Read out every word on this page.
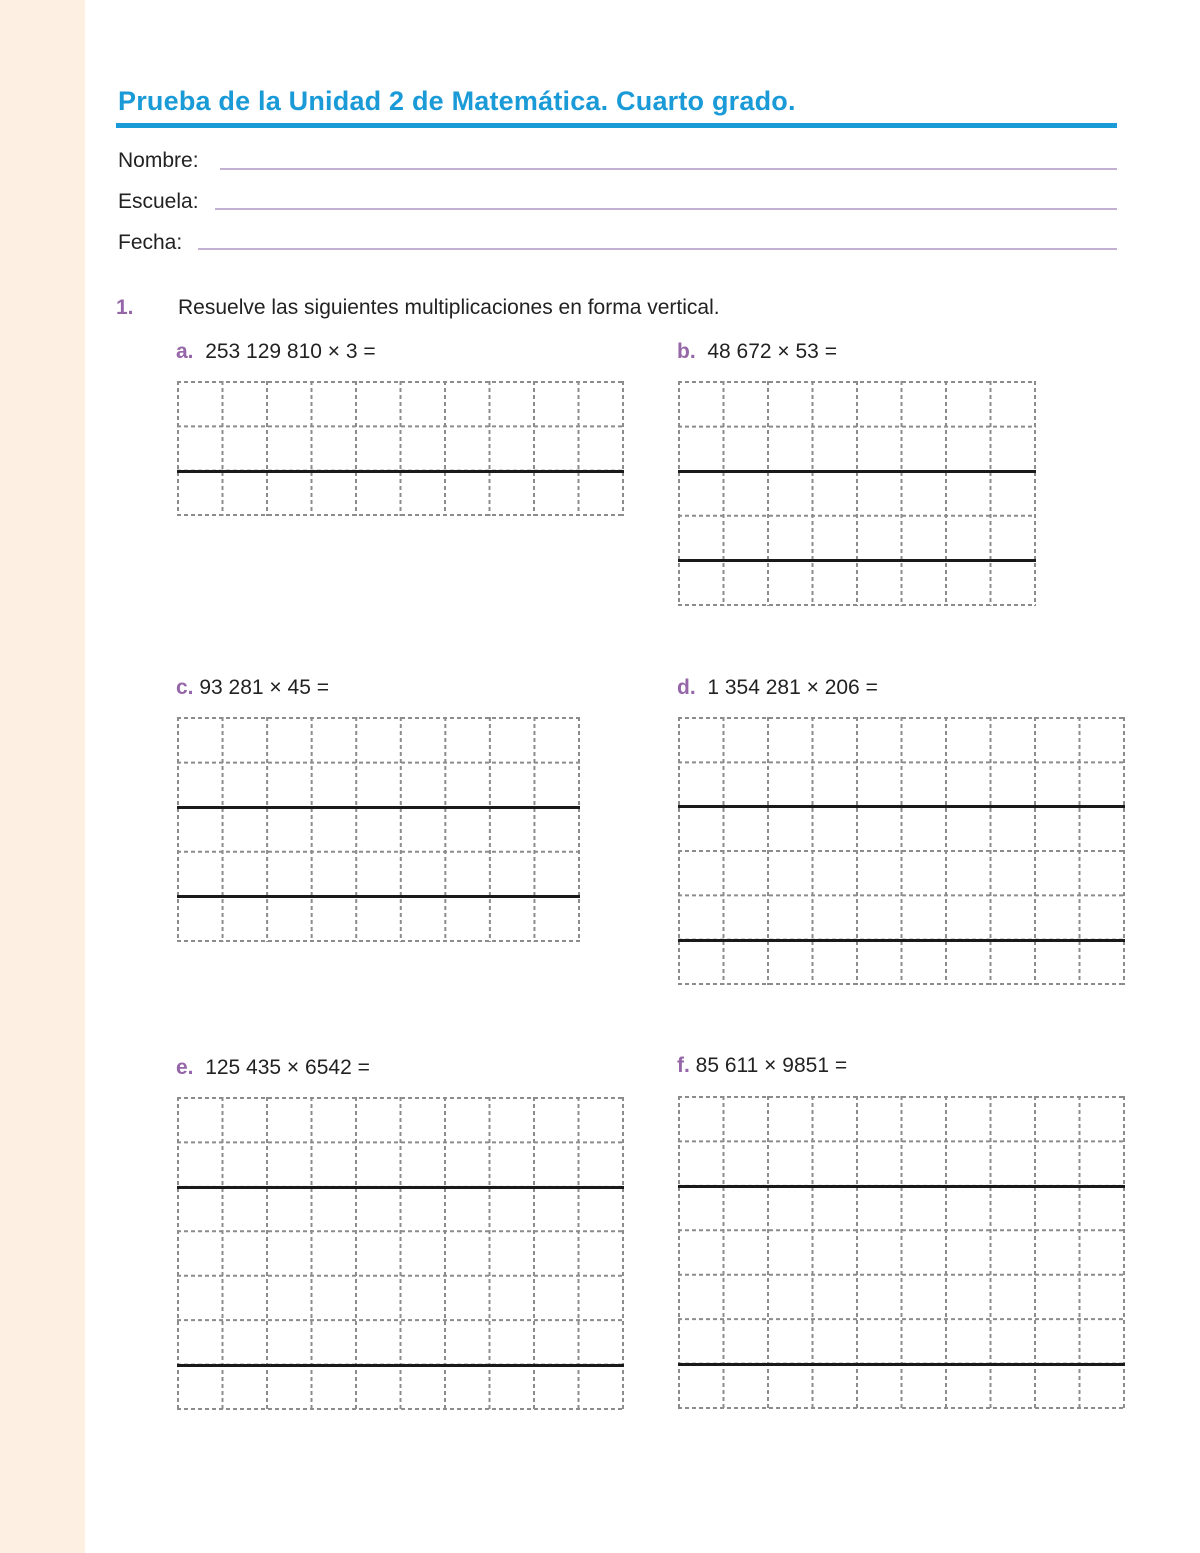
Prueba de la Unidad 2 de Matemática. Cuarto grado.
Nombre:
Escuela:
Fecha:
1. Resuelve las siguientes multiplicaciones en forma vertical.
a. 253 129 810 × 3 =	b. 48 672 × 53 =
c. 93 281 × 45 =	d. 1 354 281 × 206 =
e. 125 435 × 6542 =	f. 85 611 × 9851 =
